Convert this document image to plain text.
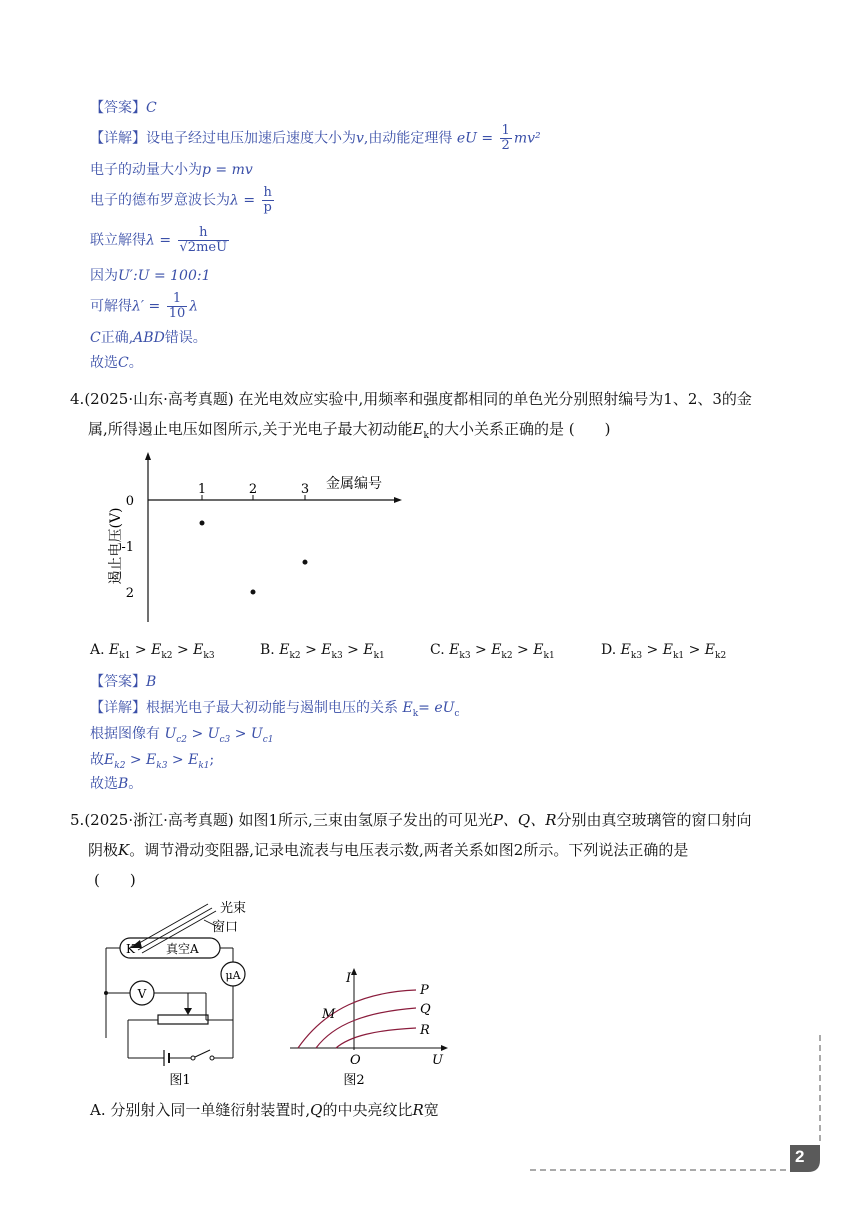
【答案】C
【详解】设电子经过电压加速后速度大小为v,由动能定理得 eU = $\frac{1}{2} mv^2$
电子的动量大小为p = mv
电子的德布罗意波长为$\lambda = \frac{h}{p}$
联立解得$\lambda = \frac{h}{\text{√2meU}}$
因为U′:U = 100:1
可解得$\lambda' = \frac{1}{10}$ λ
C正确,ABD错误。
故选C。
4.(2025·山东·高考真题) 在光电效应实验中,用频率和强度都相同的单色光分别照射编号为1、2、3的金
属,所得遏止电压如图所示,关于光电子最大初动能$E_k$的大小关系正确的是 (　　)
1	2	3 金属编号
0
-1
2
遏止电压(V)
A. $E_{k1} > E_{k2} > E_{k3}$	B. $E_{k2} > E_{k3} > E_{k1}$	C. $E_{k3} > E_{k2} > E_{k1}$	D. $E_{k3} > E_{k1} > E_{k2}$
【答案】B
【详解】根据光电子最大初动能与遏制电压的关系 $E_k= eU_c$
根据图像有 $U_{c2} > U_{c3} > U_{c1}$
故$E_{k2} > E_{k3} > E_{k1}$;
故选B。
5.(2025·浙江·高考真题) 如图1所示,三束由氢原子发出的可见光P、Q、R分别由真空玻璃管的窗口射向
阴极K。调节滑动变阻器,记录电流表与电压表示数,两者关系如图2所示。下列说法正确的是
(　　)
光束
窗口
K	真空A
μA
V
图1
I
U
O
P
Q
R
M
图2
A. 分别射入同一单缝衍射装置时,Q的中央亮纹比R宽
2
